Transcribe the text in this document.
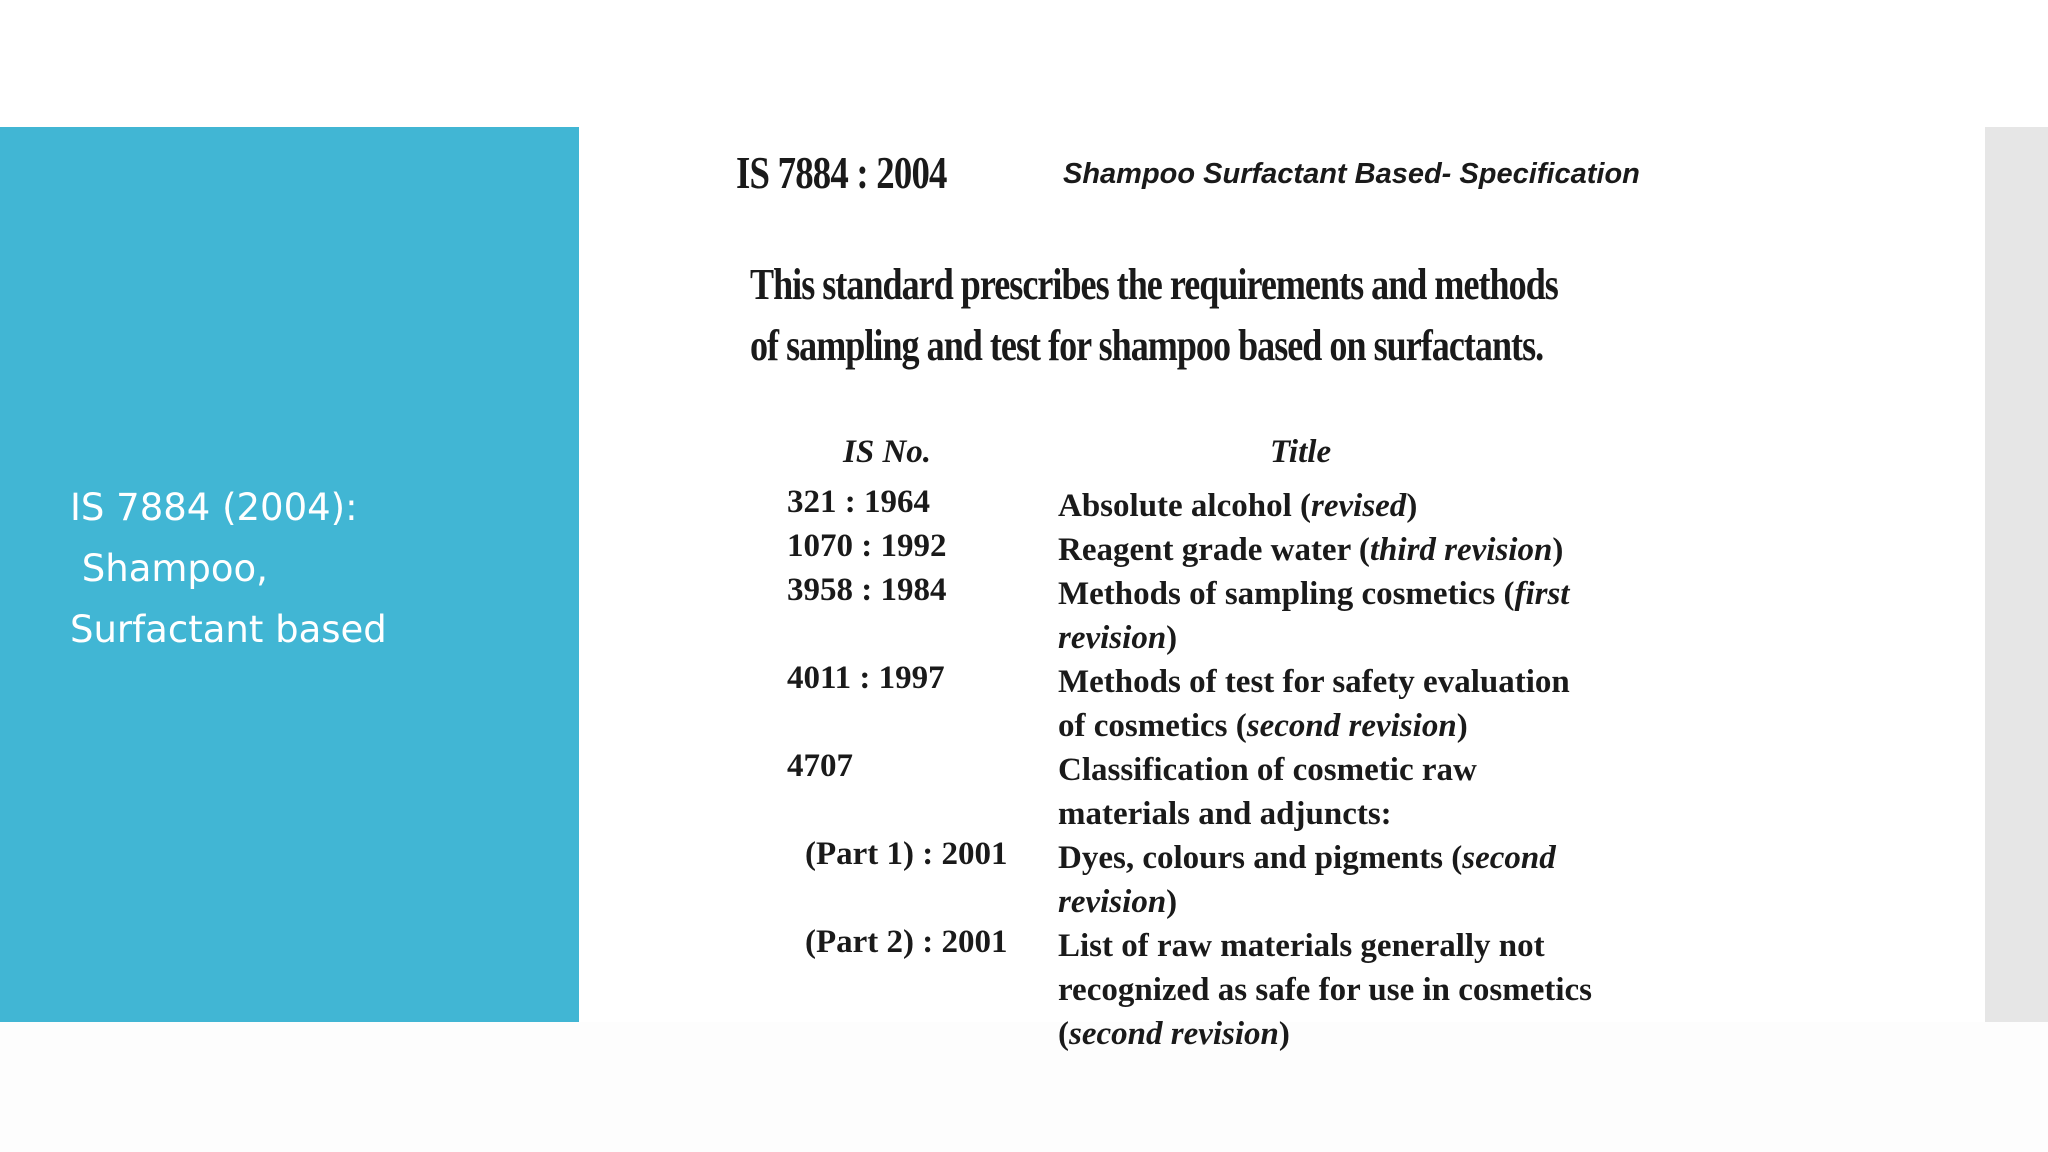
IS 7884 (2004):
Shampoo,
Surfactant based
IS 7884 : 2004	Shampoo Surfactant Based- Specification
This standard prescribes the requirements and methods
of sampling and test for shampoo based on surfactants.
IS No.	Title
321 : 1964	Absolute alcohol (revised)
1070 : 1992	Reagent grade water (third revision)
3958 : 1984	Methods of sampling cosmetics (first
revision)
4011 : 1997	Methods of test for safety evaluation
of cosmetics (second revision)
4707	Classification of cosmetic raw
materials and adjuncts:
(Part 1) : 2001 Dyes, colours and pigments (second
revision)
(Part 2) : 2001 List of raw materials generally not
recognized as safe for use in cosmetics
(second revision)
